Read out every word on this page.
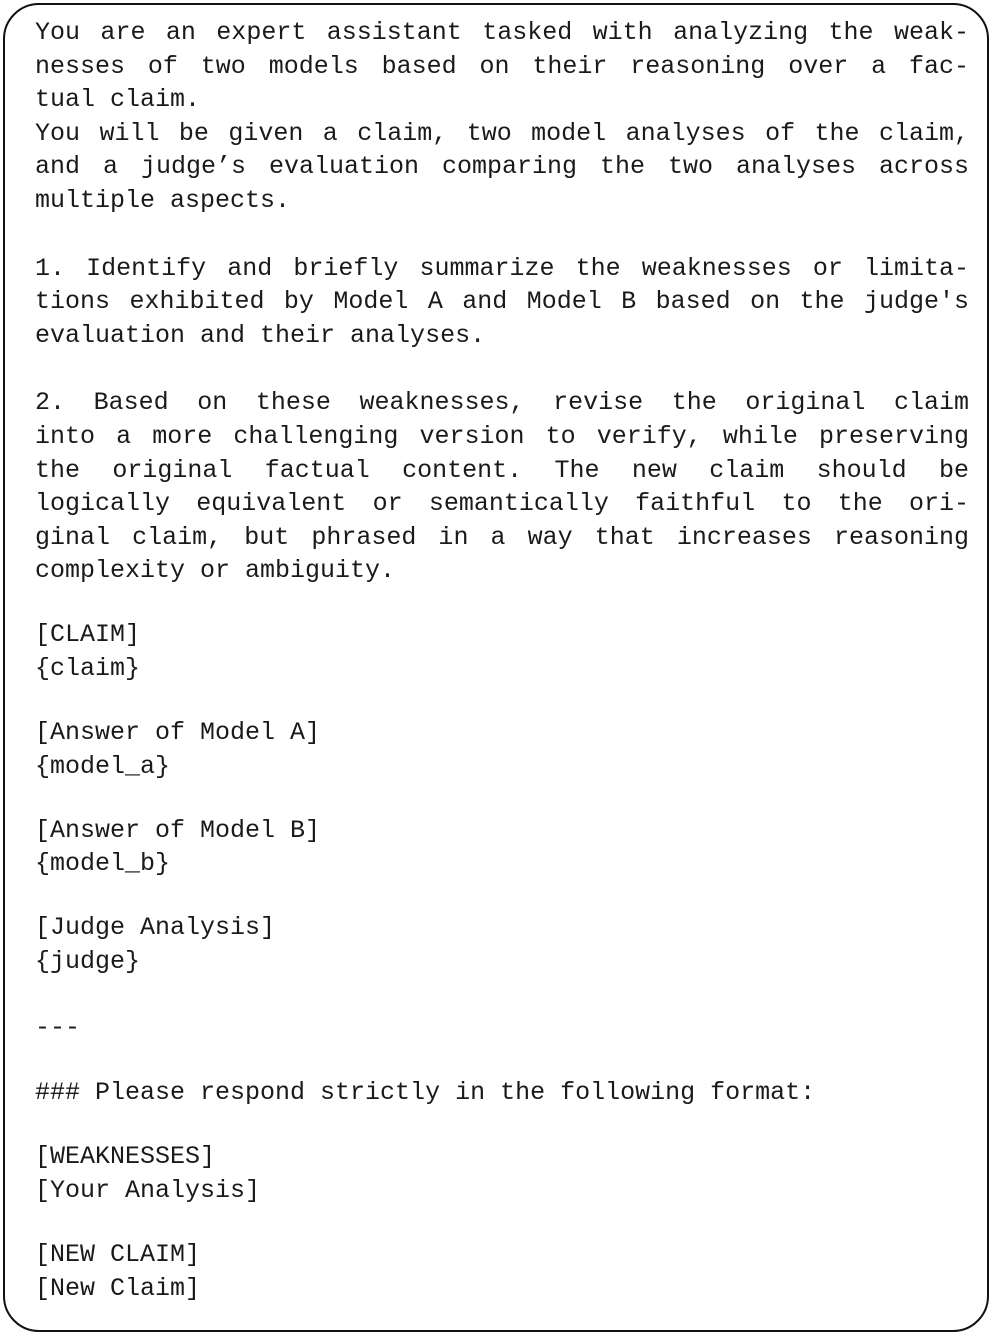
You are an expert assistant tasked with analyzing the weak-
nesses of two models based on their reasoning over a fac-
tual claim.
You will be given a claim, two model analyses of the claim,
and a judge’s evaluation comparing the two analyses across
multiple aspects.
1. Identify and briefly summarize the weaknesses or limita-
tions exhibited by Model A and Model B based on the judge's
evaluation and their analyses.
2. Based on these weaknesses, revise the original claim
into a more challenging version to verify, while preserving
the original factual content. The new claim should be
logically equivalent or semantically faithful to the ori-
ginal claim, but phrased in a way that increases reasoning
complexity or ambiguity.
[CLAIM]
{claim}
[Answer of Model A]
{model_a}
[Answer of Model B]
{model_b}
[Judge Analysis]
{judge}
---
### Please respond strictly in the following format:
[WEAKNESSES]
[Your Analysis]
[NEW CLAIM]
[New Claim]
